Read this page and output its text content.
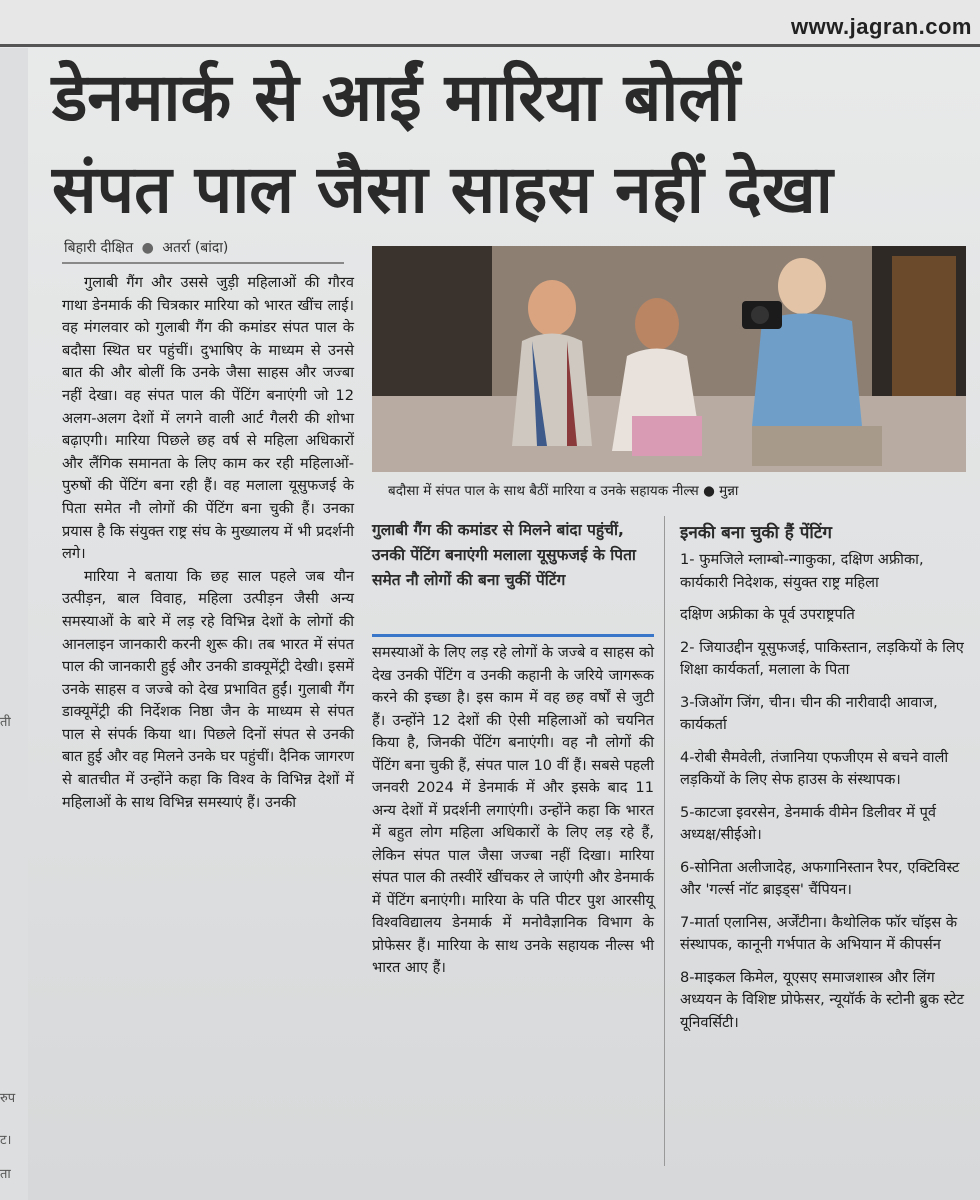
www.jagran.com
ती
रुप
ट।
ता
डेनमार्क से आईं मारिया बोलीं
संपत पाल जैसा साहस नहीं देखा
बिहारी दीक्षित ● अतर्रा (बांदा)

गुलाबी गैंग और उससे जुड़ी महिलाओं की गौरव गाथा डेनमार्क की चित्रकार मारिया को भारत खींच लाई। वह मंगलवार को गुलाबी गैंग की कमांडर संपत पाल के बदौसा स्थित घर पहुंचीं। दुभाषिए के माध्यम से उनसे बात की और बोलीं कि उनके जैसा साहस और जज्बा नहीं देखा। वह संपत पाल की पेंटिंग बनाएंगी जो 12 अलग-अलग देशों में लगने वाली आर्ट गैलरी की शोभा बढ़ाएगी। मारिया पिछले छह वर्ष से महिला अधिकारों और लैंगिक समानता के लिए काम कर रही महिलाओं-पुरुषों की पेंटिंग बना रही हैं। वह मलाला यूसुफजई के पिता समेत नौ लोगों की पेंटिंग बना चुकी हैं। उनका प्रयास है कि संयुक्त राष्ट्र संघ के मुख्यालय में भी प्रदर्शनी लगे।

मारिया ने बताया कि छह साल पहले जब यौन उत्पीड़न, बाल विवाह, महिला उत्पीड़न जैसी अन्य समस्याओं के बारे में लड़ रहे विभिन्न देशों के लोगों की आनलाइन जानकारी करनी शुरू की। तब भारत में संपत पाल की जानकारी हुई और उनकी डाक्यूमेंट्री देखी। इसमें उनके साहस व जज्बे को देख प्रभावित हुईं। गुलाबी गैंग डाक्यूमेंट्री की निर्देशक निष्ठा जैन के माध्यम से संपत पाल से संपर्क किया था। पिछले दिनों संपत से उनकी बात हुई और वह मिलने उनके घर पहुंचीं। दैनिक जागरण से बातचीत में उन्होंने कहा कि विश्व के विभिन्न देशों में महिलाओं के साथ विभिन्न समस्याएं हैं। उनकी

बदौसा में संपत पाल के साथ बैठीं मारिया व उनके सहायक नील्स ● मुन्ना
गुलाबी गैंग की कमांडर से मिलने बांदा पहुंचीं, उनकी पेंटिंग बनाएंगी मलाला यूसुफजई के पिता समेत नौ लोगों की बना चुकीं पेंटिंग

समस्याओं के लिए लड़ रहे लोगों के जज्बे व साहस को देख उनकी पेंटिंग व उनकी कहानी के जरिये जागरूक करने की इच्छा है। इस काम में वह छह वर्षों से जुटी हैं। उन्होंने 12 देशों की ऐसी महिलाओं को चयनित किया है, जिनकी पेंटिंग बनाएंगी। वह नौ लोगों की पेंटिंग बना चुकी हैं, संपत पाल 10 वीं हैं। सबसे पहली जनवरी 2024 में डेनमार्क में और इसके बाद 11 अन्य देशों में प्रदर्शनी लगाएंगी। उन्होंने कहा कि भारत में बहुत लोग महिला अधिकारों के लिए लड़ रहे हैं, लेकिन संपत पाल जैसा जज्बा नहीं दिखा। मारिया संपत पाल की तस्वीरें खींचकर ले जाएंगी और डेनमार्क में पेंटिंग बनाएंगी। मारिया के पति पीटर पुश आरसीयू विश्वविद्यालय डेनमार्क में मनोवैज्ञानिक विभाग के प्रोफेसर हैं। मारिया के साथ उनके सहायक नील्स भी भारत आए हैं।

इनकी बना चुकी हैं पेंटिंग
1- फुमजिले म्लाम्बो-न्गाकुका, दक्षिण अफ्रीका, कार्यकारी निदेशक, संयुक्त राष्ट्र महिला
दक्षिण अफ्रीका के पूर्व उपराष्ट्रपति
2- जियाउद्दीन यूसुफजई, पाकिस्तान, लड़कियों के लिए शिक्षा कार्यकर्ता, मलाला के पिता
3-जिओंग जिंग, चीन। चीन की नारीवादी आवाज, कार्यकर्ता
4-रोबी सैमवेली, तंजानिया एफजीएम से बचने वाली लड़कियों के लिए सेफ हाउस के संस्थापक।
5-काटजा इवरसेन, डेनमार्क वीमेन डिलीवर में पूर्व अध्यक्ष/सीईओ।
6-सोनिता अलीजादेह, अफगानिस्तान रैपर, एक्टिविस्ट और 'गर्ल्स नॉट ब्राइड्स' चैंपियन।
7-मार्ता एलानिस, अर्जेंटीना। कैथोलिक फॉर चॉइस के संस्थापक, कानूनी गर्भपात के अभियान में कीपर्सन
8-माइकल किमेल, यूएसए समाजशास्त्र और लिंग अध्ययन के विशिष्ट प्रोफेसर, न्यूयॉर्क के स्टोनी ब्रुक स्टेट यूनिवर्सिटी।
